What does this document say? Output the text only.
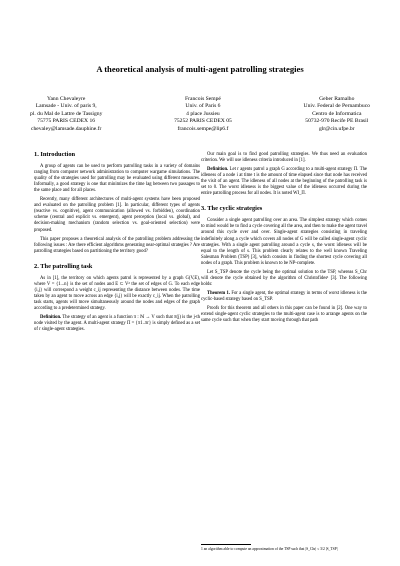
A theoretical analysis of multi-agent patrolling strategies
Yann Chevaleyre
Lamsade - Univ. of paris 9,
pl. du Mal de Lattre de Tassigny
75775 PARIS CEDEX 16
chevaley@lamsade.dauphine.fr
Francois Sempé
Univ. of Paris 6
4 place Jussieu
75252 PARIS CEDEX 05
francois.sempe@lip6.f
Geber Ramalho
Univ. Federal de Pernambuco
Centro de Informatica
50732-970 Recife PE Brasil
glr@cin.ufpe.br
1. Introduction

A group of agents can be used to perform patrolling tasks in a variety of domains ranging from computer network administration to computer wargame simulations. The quality of the strategies used for patrolling may be evaluated using different measures. Informally, a good strategy is one that minimizes the time lag between two passages to the same place and for all places.

Recently, many different architectures of multi-agent systems have been proposed and evaluated on the patrolling problem [1]. In particular, different types of agents (reactive vs. cognitive), agent communication (allowed vs. forbidden), coordination scheme (central and explicit vs. emergent), agent perception (local vs. global), and decision-making mechanism (random selection vs. goal-oriented selection) were proposed.

This paper proposes a theoretical analysis of the patrolling problem addressing the following issues : Are there efficient algorithms generating near-optimal strategies ? Are patrolling strategies based on partitioning the territory good?

2. The patrolling task

As in [1], the territory on which agents patrol is represented by a graph G(V,E), where V = {1...n} is the set of nodes and E ⊂ V² the set of edges of G. To each edge {i,j} will correspond a weight c_ij representing the distance between nodes. The time taken by an agent to move across an edge {i,j} will be exactly c_ij. When the patrolling task starts, agents will move simultaneously around the nodes and edges of the graph according to a predetermined strategy.

Definition. The strategy of an agent is a function π : ℕ → V such that π(j) is the j-th node visited by the agent. A multi-agent strategy Π = {π1..πr} is simply defined as a set of r single-agent strategies.

Our main goal is to find good patrolling strategies. We thus need an evaluation criterion. We will use idleness criteria introduced in [1].

Definition. Let r agents patrol a graph G according to a multi-agent strategy Π. The idleness of a node i at time t is the amount of time elapsed since that node has received the visit of an agent. The idleness of all nodes at the beginning of the patrolling task is set to 0. The worst idleness is the biggest value of the idleness occurred during the entire patrolling process for all nodes. It is noted WI_Π.

3. The cyclic strategies

Consider a single agent patrolling over an area. The simplest strategy which comes to mind would be to find a cycle covering all the area, and then to make the agent travel around this cycle over and over. Single-agent strategies consisting in traveling indefinitely along a cycle which covers all nodes of G will be called single-agent cyclic strategies. With a single agent patrolling around a cycle s, the worst idleness will be equal to the length of s. This problem clearly relates to the well known Traveling Salesman Problem (TSP) [3], which consists in finding the shortest cycle covering all nodes of a graph. This problem is known to be NP-complete.

Let S_TSP denote the cycle being the optimal solution to the TSP, whereas S_Chr will denote the cycle obtained by the algorithm of Christofides¹ [3]. The following holds:

Theorem 1. For a single agent, the optimal strategy in terms of worst idleness is the cyclic-based strategy based on S_TSP.

Proofs for this theorem and all others in this paper can be found in [2]. One way to extend single-agent cyclic strategies to the multi-agent case is to arrange agents on the same cycle such that when they start moving through that path

1 an algorithm able to compute an approximation of the TSP such that |S_Chr| ≤ 3/2 |S_TSP|
